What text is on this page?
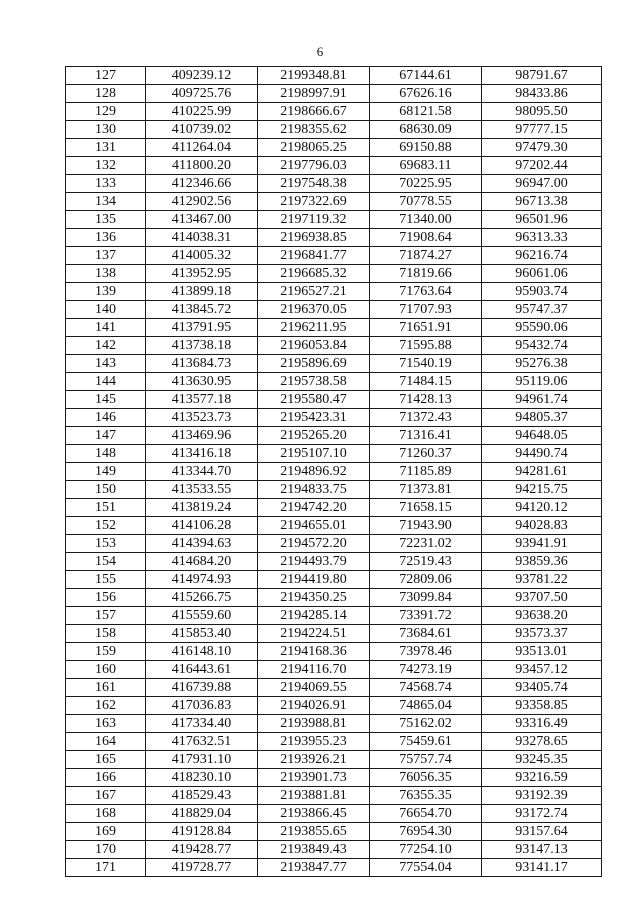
6
127	409239.12	2199348.81	67144.61	98791.67
128	409725.76	2198997.91	67626.16	98433.86
129	410225.99	2198666.67	68121.58	98095.50
130	410739.02	2198355.62	68630.09	97777.15
131	411264.04	2198065.25	69150.88	97479.30
132	411800.20	2197796.03	69683.11	97202.44
133	412346.66	2197548.38	70225.95	96947.00
134	412902.56	2197322.69	70778.55	96713.38
135	413467.00	2197119.32	71340.00	96501.96
136	414038.31	2196938.85	71908.64	96313.33
137	414005.32	2196841.77	71874.27	96216.74
138	413952.95	2196685.32	71819.66	96061.06
139	413899.18	2196527.21	71763.64	95903.74
140	413845.72	2196370.05	71707.93	95747.37
141	413791.95	2196211.95	71651.91	95590.06
142	413738.18	2196053.84	71595.88	95432.74
143	413684.73	2195896.69	71540.19	95276.38
144	413630.95	2195738.58	71484.15	95119.06
145	413577.18	2195580.47	71428.13	94961.74
146	413523.73	2195423.31	71372.43	94805.37
147	413469.96	2195265.20	71316.41	94648.05
148	413416.18	2195107.10	71260.37	94490.74
149	413344.70	2194896.92	71185.89	94281.61
150	413533.55	2194833.75	71373.81	94215.75
151	413819.24	2194742.20	71658.15	94120.12
152	414106.28	2194655.01	71943.90	94028.83
153	414394.63	2194572.20	72231.02	93941.91
154	414684.20	2194493.79	72519.43	93859.36
155	414974.93	2194419.80	72809.06	93781.22
156	415266.75	2194350.25	73099.84	93707.50
157	415559.60	2194285.14	73391.72	93638.20
158	415853.40	2194224.51	73684.61	93573.37
159	416148.10	2194168.36	73978.46	93513.01
160	416443.61	2194116.70	74273.19	93457.12
161	416739.88	2194069.55	74568.74	93405.74
162	417036.83	2194026.91	74865.04	93358.85
163	417334.40	2193988.81	75162.02	93316.49
164	417632.51	2193955.23	75459.61	93278.65
165	417931.10	2193926.21	75757.74	93245.35
166	418230.10	2193901.73	76056.35	93216.59
167	418529.43	2193881.81	76355.35	93192.39
168	418829.04	2193866.45	76654.70	93172.74
169	419128.84	2193855.65	76954.30	93157.64
170	419428.77	2193849.43	77254.10	93147.13
171	419728.77	2193847.77	77554.04	93141.17
